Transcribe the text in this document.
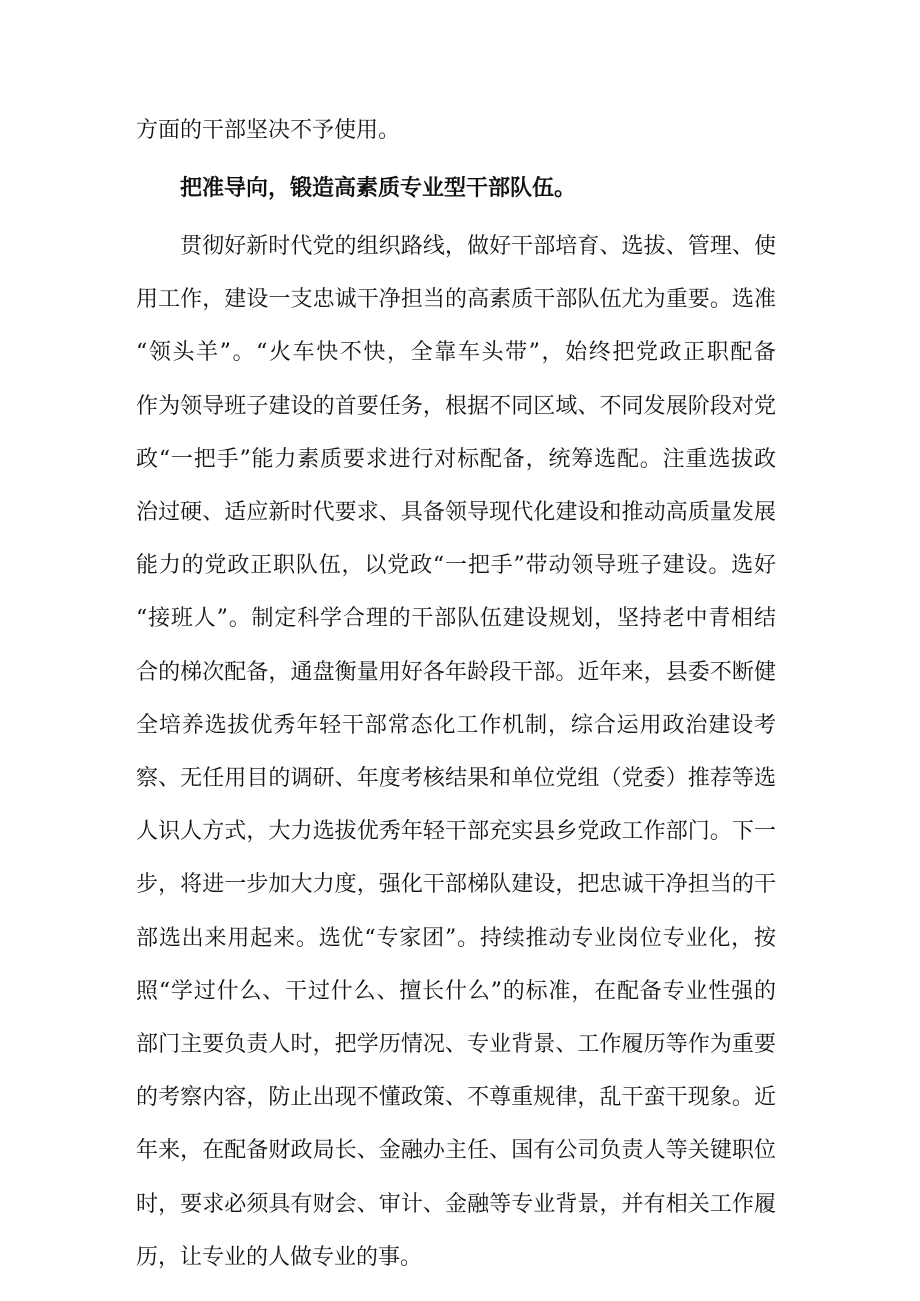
方面的干部坚决不予使用。
把准导向，锻造高素质专业型干部队伍。
贯彻好新时代党的组织路线，做好干部培育、选拔、管理、使
用工作，建设一支忠诚干净担当的高素质干部队伍尤为重要。选准
“领头羊”。“火车快不快，全靠车头带”，始终把党政正职配备
作为领导班子建设的首要任务，根据不同区域、不同发展阶段对党
政“一把手”能力素质要求进行对标配备，统筹选配。注重选拔政
治过硬、适应新时代要求、具备领导现代化建设和推动高质量发展
能力的党政正职队伍，以党政“一把手”带动领导班子建设。选好
“接班人”。制定科学合理的干部队伍建设规划，坚持老中青相结
合的梯次配备，通盘衡量用好各年龄段干部。近年来，县委不断健
全培养选拔优秀年轻干部常态化工作机制，综合运用政治建设考
察、无任用目的调研、年度考核结果和单位党组（党委）推荐等选
人识人方式，大力选拔优秀年轻干部充实县乡党政工作部门。下一
步，将进一步加大力度，强化干部梯队建设，把忠诚干净担当的干
部选出来用起来。选优“专家团”。持续推动专业岗位专业化，按
照“学过什么、干过什么、擅长什么”的标准，在配备专业性强的
部门主要负责人时，把学历情况、专业背景、工作履历等作为重要
的考察内容，防止出现不懂政策、不尊重规律，乱干蛮干现象。近
年来，在配备财政局长、金融办主任、国有公司负责人等关键职位
时，要求必须具有财会、审计、金融等专业背景，并有相关工作履
历，让专业的人做专业的事。
